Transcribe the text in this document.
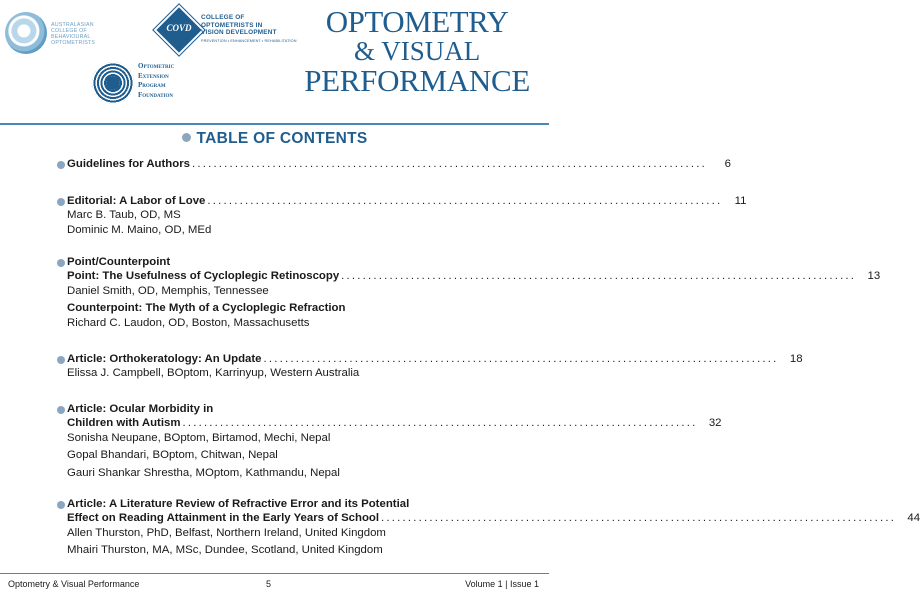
AUSTRALASIAN
COLLEGE OF
BEHAVIOURAL
OPTOMETRISTS
COVD
COLLEGE OF
OPTOMETRISTS IN
VISION DEVELOPMENT
PREVENTION • ENHANCEMENT • REHABILITATION
Optometric
Extension
Program
Foundation
OPTOMETRY
& VISUAL
PERFORMANCE
TABLE OF CONTENTS
Guidelines for Authors ................................................................................................	6
Editorial: A Labor of Love ................................................................................................	11
Marc B. Taub, OD, MS
Dominic M. Maino, OD, MEd
Point/Counterpoint
Point: The Usefulness of Cycloplegic Retinoscopy ................................................................................................ 13
Daniel Smith, OD, Memphis, Tennessee
Counterpoint: The Myth of a Cycloplegic Refraction
Richard C. Laudon, OD, Boston, Massachusetts
Article: Orthokeratology: An Update ................................................................................................ 18
Elissa J. Campbell, BOptom, Karrinyup, Western Australia
Article: Ocular Morbidity in
Children with Autism ................................................................................................ 32
Sonisha Neupane, BOptom, Birtamod, Mechi, Nepal
Gopal Bhandari, BOptom, Chitwan, Nepal
Gauri Shankar Shrestha, MOptom, Kathmandu, Nepal
Article: A Literature Review of Refractive Error and its Potential
Effect on Reading Attainment in the Early Years of School ................................................................................................ 44
Allen Thurston, PhD, Belfast, Northern Ireland, United Kingdom
Mhairi Thurston, MA, MSc, Dundee, Scotland, United Kingdom
Optometry & Visual Performance	5	Volume 1 | Issue 1
